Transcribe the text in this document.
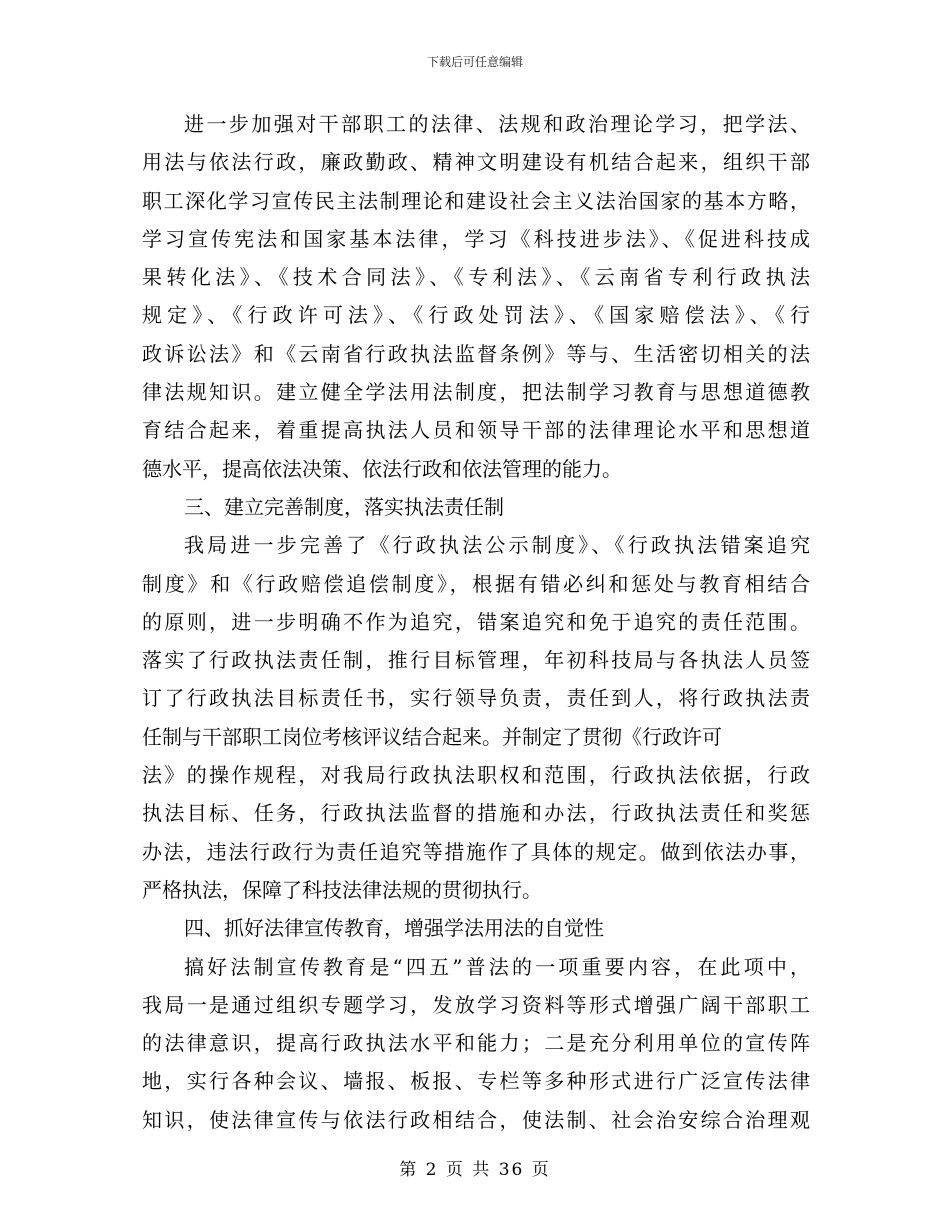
下载后可任意编辑
进一步加强对干部职工的法律、法规和政治理论学习，把学法、
用法与依法行政，廉政勤政、精神文明建设有机结合起来，组织干部
职工深化学习宣传民主法制理论和建设社会主义法治国家的基本方略，
学习宣传宪法和国家基本法律，学习《科技进步法》、《促进科技成
果转化法》、《技术合同法》、《专利法》、《云南省专利行政执法
规定》、《行政许可法》、《行政处罚法》、《国家赔偿法》、《行
政诉讼法》和《云南省行政执法监督条例》等与、生活密切相关的法
律法规知识。建立健全学法用法制度，把法制学习教育与思想道德教
育结合起来，着重提高执法人员和领导干部的法律理论水平和思想道
德水平，提高依法决策、依法行政和依法管理的能力。
三、建立完善制度，落实执法责任制
我局进一步完善了《行政执法公示制度》、《行政执法错案追究
制度》和《行政赔偿追偿制度》，根据有错必纠和惩处与教育相结合
的原则，进一步明确不作为追究，错案追究和免于追究的责任范围。
落实了行政执法责任制，推行目标管理，年初科技局与各执法人员签
订了行政执法目标责任书，实行领导负责，责任到人，将行政执法责
任制与干部职工岗位考核评议结合起来。并制定了贯彻《行政许可
法》的操作规程，对我局行政执法职权和范围，行政执法依据，行政
执法目标、任务，行政执法监督的措施和办法，行政执法责任和奖惩
办法，违法行政行为责任追究等措施作了具体的规定。做到依法办事，
严格执法，保障了科技法律法规的贯彻执行。
四、抓好法律宣传教育，增强学法用法的自觉性
搞好法制宣传教育是“四五”普法的一项重要内容，在此项中，
我局一是通过组织专题学习，发放学习资料等形式增强广阔干部职工
的法律意识，提高行政执法水平和能力；二是充分利用单位的宣传阵
地，实行各种会议、墙报、板报、专栏等多种形式进行广泛宣传法律
知识，使法律宣传与依法行政相结合，使法制、社会治安综合治理观
第 2 页 共 36 页
